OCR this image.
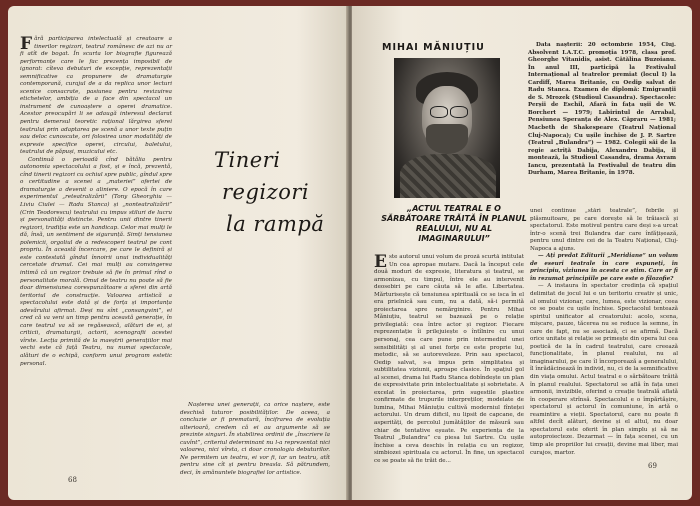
Fără participarea intelectuală și creatoare a tinerilor regizori, teatrul românesc de azi nu ar fi atît de bogat. În scurta lor biografie figurează performanțe care le fac prezența imposibil de ignorat: cîteva debuturi de excepție, reprezentații semnificative ca propunere de dramaturgie contemporană, curajul de a da replica unor lecturi scenice consacrate, pasiunea pentru revizuirea etichetelor, ambiția de a face din spectacol un instrument de cunoaștere a operei dramatice. Acestor preocupări li se adaugă interesul declarat pentru demersul teoretic rațional lărgirea sferei teatrului prin adaptarea pe scenă a unor texte puțin sau deloc cunoscute, ori folosirea unor modalități de expresie specifice operei, circului, baletului, teatrului de păpuși, muzicului etc.

Continuă o perioadă cînd bătălia pentru autonomia spectacolului a fost, și e încă, prezentă, cînd tinerii regizori cu ochiul spre public, gîndul spre o certitudine a scenei a „materiei” ofertei de dramaturgie a devenit o aliniere. O epocă în care experimentul „reteatralizării” (Tony Gheorghiu — Liviu Ciulei — Radu Stanca) și „nonteatralizării” (Crin Teodorescu) teatrului cu impus stiluri de lucru și personalități distincte. Pentru unii dintre tinerii regizori, tradiția este un handicap. Celor mai mulți le dă, însă, un sentiment de siguranță. Simți tensiunea polemicii, orgoliul de a redescoperi teatrul pe cont propriu. În această încercare, pe care le definiră și este contestată gîndul înnoirii unui individualități cercetate drumul. Cei mai mulți au convingerea intimă că un regizor trebuie să fie în primul rînd o personalitate morală. Omul de teatru nu poate să fie doar dimensiunea corespunzătoare a sferei din artă teritoriul de construcție. Valoarea artistică a spectacolului este dată și de forța și importanța adevărului afirmat. Deși nu sînt „consangvini”, ei cred că va veni un timp pentru această generație, în care teatrul va să se regăsească, alături de ei, și criticii, dramaturgii, actorii, scenografii acestei vîrste. Lecția primită de la maeștrii generațiilor mai vechi este că față Teatru, nu numai spectacole, alături de o echipă, conform unui program estetic personal.

Tineri
regizori
la rampă

Nașterea unei generații, ca orice naștere, este deschisă tuturor posibilităților. De aceea, a concluzie ar fi prematură, încifrarea de evoluția ulterioară, credem că ei au argumente să se prezinte singuri. În stabilirea ordinii de „înscriere la cuvînt”, criteriul determinant nu l-a reprezentat nici valoarea, nici vîrsta, ci doar cronologia debuturilor. Ne permitem un teatru, ei vor fi, iar un teatru, atît pentru sine cît și pentru breasla. Să pătrundem, deci, în amănuntele biografiei lor artistice.

68
MIHAI MĂNIUȚIU	Data nașterii: 20 octombrie 1954, Cluj. Absolvent I.A.T.C. promoția 1978, clasa prof. Gheorghe Vitanidis, asist. Cătălina Buzoianu. În anul III, participă la Festivalul Internațional al teatrelor premiat (locul I) la Cardiff, Marea Britanie, cu Oedip salvat de Radu Stanca. Examen de diplomă: Emigranții de S. Mrozek (Studioul Casandra). Spectacole: Perșii de Eschil, Afară în fața ușii de W. Borchert — 1979; Labirintul de Arrabal, Pensiunea Speranța de Alex. Căpraru — 1981; Macbeth de Shakespeare (Teatrul Național Cluj-Napoca); Cu ușile închise de J. P. Sartre (Teatrul „Bulandra”) — 1982. Colegii săi de la regie actriță Dabija, Alexandru Dabija, il montează, la Studioul Casandra, drama Avram Iancu, prezentată la Festivalul de teatru din Durham, Marea Britanie, în 1978.

„ACTUL TEATRAL E O SĂRBĂTOARE TRĂITĂ ÎN PLANUL REALULUI, NU AL IMAGINARULUI”

Este autorul unui volum de proză scurtă intitulat Un cea apropae mutare. Dacă la început cele două moduri de expresie, literatura și teatrul, se armonizau, cu timpul, între ele au intervenit deosebiri pe care căuta să le afle. Libertatea. Mărturisește că tensiunea spirituală ce se isca în el era prielnică sau cum, nu a dată, să-i permită proiectarea spre nemărginire. Pentru Mihai Măniuțiu, teatrul se bazează pe o relație privilegiată: cea între actor și regizor. Fiecare reprezentație îi prilejuiește o întîlnire cu unui personaj, cea care pune prin intermediul unei sensibilități și al unei forțe ce este proprie lui, metodic, să se autoreveleze. Prin sau spectacol, Oedip salvat, s-a impus prin simplitatea și subtilitatea viziunii, aproape clasice. În spațiul gol al scenei, drama lui Radu Stanca dobîndește un plan de expresivitate prin intelectualitate și sobrietate. A excelat în proiectarea, prin sugestile plastice confirmate de trupurile interpreților, modelate de lumina, Mihai Măniuțiu cultivă moderniul fînteței actorului. Un drum dificil, nu lipsit de capcane, de asperități, de percolul jumătăților de măsură sau chiar de tentative eșuate. Pe experiența de la Teatrul „Bulandra” cu piesa lui Sartre. Cu ușile închise a ceva deschis în relația cu un regizor, simbiozei spirituala cu actorul. În fine, un spectacol ce se poate să fie trăit de...

unei continue „stări teatrale”, febrile și plăsmuitoare, pe care dorește să le trăiască și spectatorul. Este motivul pentru care deși s-a urcat într-o scenă trei Bulandra dar care înfățișează, pentru unul dintre cei de la Teatru Național, Cluj-Napoca a ajuns.

— Ați predat Editurii „Meridiane” un volum de eseuri teatrale în care expuneți, în principiu, viziunea în acesta ce știm. Care ar fi în rezumat principiile pe care este o filozofie?

— A instaura în spectator credința că spațiul delimitat de jocul lui e un teritoriu creativ și unic, al omului vizionar, care, lumea, este vizionar, ceea ce se poate cu ușile închise. Spectacolul tentează spiritul unificator al creatorului: acolo, scena, mișcare, pauze, tăcerea nu se reduce la semne, în care de fapt, nu se asociază, ci se afirmă. Dacă orice unitate și relație se primește din opera lui cea poetică de la în cadrul teatrului, care creează funcționalitate, în planul realului, nu al imaginarului, pe care îl încorporează a generalului, îl înrădăcinează în individ, nu, ci de la semnificative din viața omului. Actul teatral e o sărbătoare trăită în planul realului. Spectatorul se află în fața unei armonii, invizibile, oferind o creație teatrală aflată în cooperare strînsă. Spectacolul e o împărtășire, spectatorul și actorul în comuniune, în artă o reamintire a vieții. Spectatorul, care nu poate fi altfel decît alături, devine și el altul, nu doar spectatorul este oferit în plan simplu și să ne autoproiecteze. Dezarmat — în fața scenei, cu un timp ale propriilor lui creații, devine mai liber, mai curajos, martor.

69
